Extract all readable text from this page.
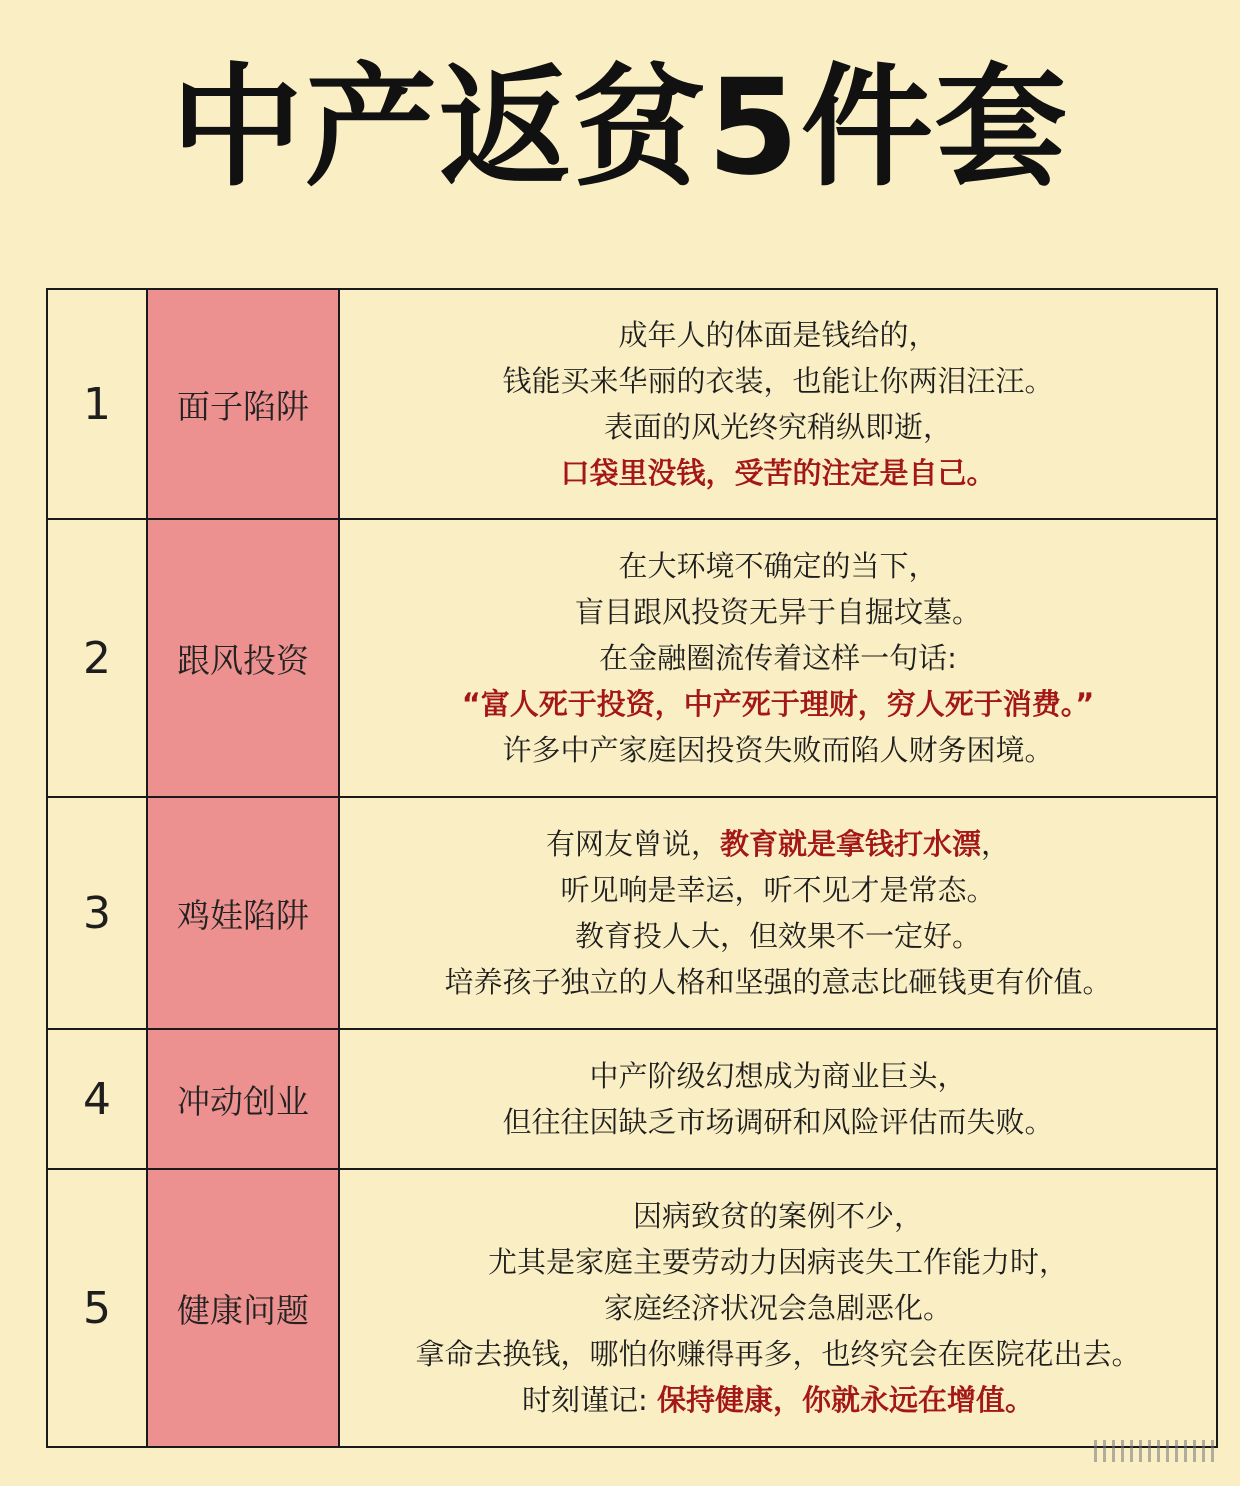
中产返贫5件套
1	面子陷阱	成年人的体面是钱给的，
钱能买来华丽的衣装，也能让你两泪汪汪。
表面的风光终究稍纵即逝，
口袋里没钱，受苦的注定是自己。

2	跟风投资	在大环境不确定的当下，
盲目跟风投资无异于自掘坟墓。
在金融圈流传着这样一句话:
“富人死于投资，中产死于理财，穷人死于消费。”
许多中产家庭因投资失败而陷人财务困境。

3	鸡娃陷阱	有网友曾说，教育就是拿钱打水漂，
听见响是幸运，听不见才是常态。
教育投人大，但效果不一定好。
培养孩子独立的人格和坚强的意志比砸钱更有价值。

4	冲动创业	中产阶级幻想成为商业巨头，
但往往因缺乏市场调研和风险评估而失败。

5	健康问题	因病致贫的案例不少，
尤其是家庭主要劳动力因病丧失工作能力时，
家庭经济状况会急剧恶化。
拿命去换钱，哪怕你赚得再多，也终究会在医院花出去。
时刻谨记: 保持健康，你就永远在增值。
